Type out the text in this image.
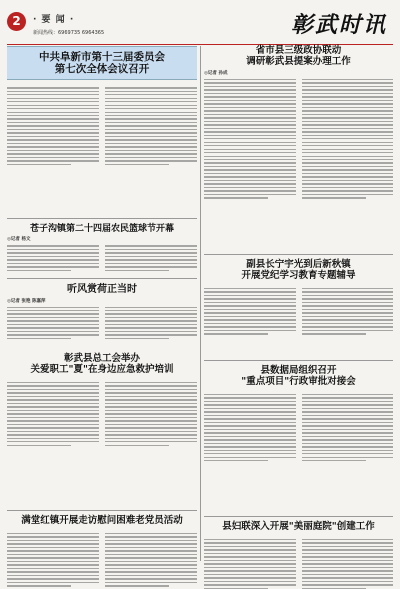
2	· 要 闻 ·
新闻热线：6969735 6964365	彰武时讯
中共阜新市第十三届委员会
第七次全体会议召开
苍子沟镇第二十四届农民篮球节开幕
◎记者 杨文
听风赏荷正当时
◎记者 张艳 陈嘉萍
彰武县总工会举办
关爱职工"夏"在身边应急救护培训
满堂红镇开展走访慰问困难老党员活动
省市县三级政协联动
调研彰武县提案办理工作
◎记者 孙成
副县长宁宇光到后新秋镇
开展党纪学习教育专题辅导
县数据局组织召开
"重点项目"行政审批对接会
县妇联深入开展"美丽庭院"创建工作
